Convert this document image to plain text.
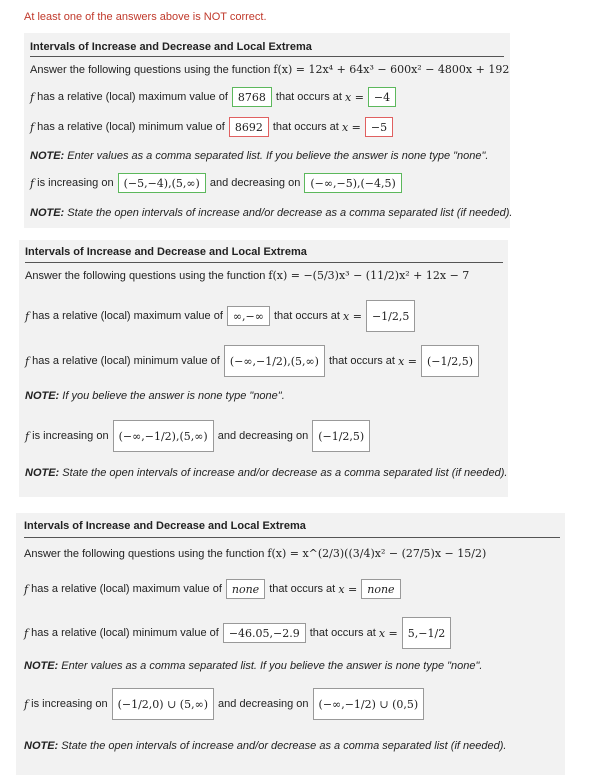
At least one of the answers above is NOT correct.
Intervals of Increase and Decrease and Local Extrema
Answer the following questions using the function
f(x) = 12x⁴ + 64x³ − 600x² − 4800x + 192
f
has a relative (local) maximum value of 8768 that occurs at
x = −4
f
has a relative (local) minimum value of 8692 that occurs at
x = −5
NOTE:
Enter values as a comma separated list. If you believe the answer is none type "none".
f
is increasing on (−5,−4),(5,∞) and decreasing on (−∞,−5),(−4,5)
NOTE:
State the open intervals of increase and/or decrease as a comma separated list (if needed).
Intervals of Increase and Decrease and Local Extrema
Answer the following questions using the function
f(x) = −(5/3)x³ − (11/2)x² + 12x − 7
f
has a relative (local) maximum value of ∞,−∞ that occurs at
x = −1/2,5
f
has a relative (local) minimum value of (−∞,−1/2),(5,∞) that occurs at
x = (−1/2,5)
NOTE:
If you believe the answer is none type "none".
f
is increasing on (−∞,−1/2),(5,∞) and decreasing on (−1/2,5)
NOTE:
State the open intervals of increase and/or decrease as a comma separated list (if needed).
Intervals of Increase and Decrease and Local Extrema
Answer the following questions using the function
f(x) = x^(2/3)((3/4)x² − (27/5)x − 15/2)
f
has a relative (local) maximum value of none that occurs at
x = none
f
has a relative (local) minimum value of −46.05,−2.9 that occurs at
x = 5,−1/2
NOTE:
Enter values as a comma separated list. If you believe the answer is none type "none".
f
is increasing on (−1/2,0) ∪ (5,∞) and decreasing on (−∞,−1/2) ∪ (0,5)
NOTE:
State the open intervals of increase and/or decrease as a comma separated list (if needed).
